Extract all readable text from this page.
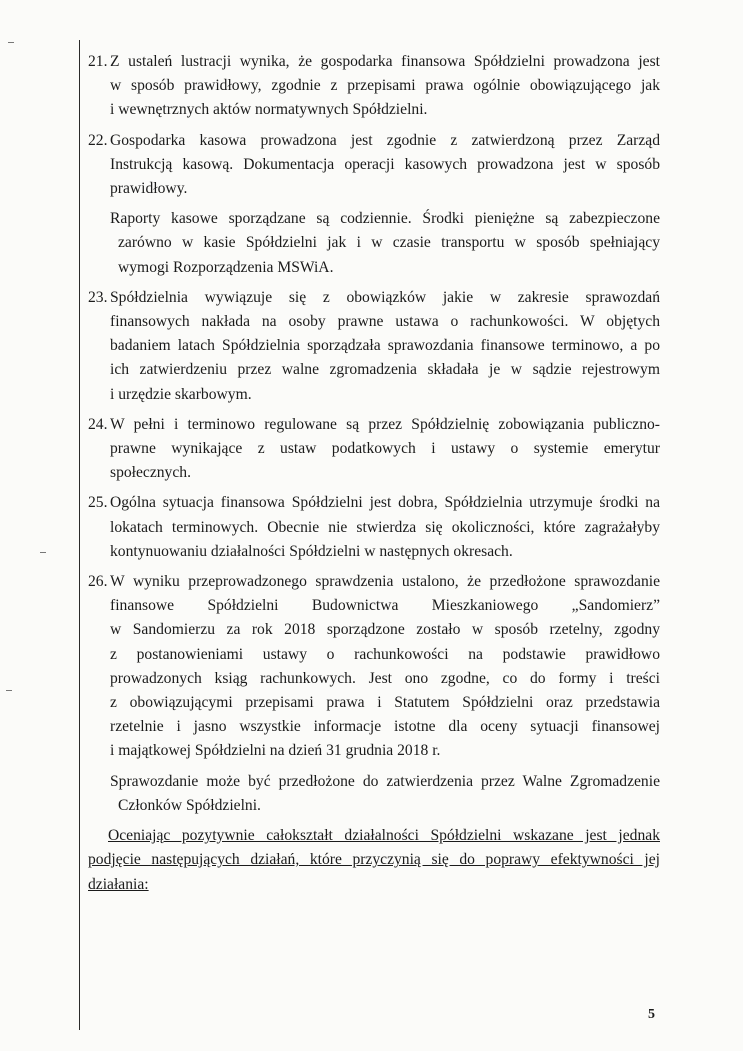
21. Z ustaleń lustracji wynika, że gospodarka finansowa Spółdzielni prowadzona jest
w sposób prawidłowy, zgodnie z przepisami prawa ogólnie obowiązującego jak
i wewnętrznych aktów normatywnych Spółdzielni.
22. Gospodarka kasowa prowadzona jest zgodnie z zatwierdzoną przez Zarząd
Instrukcją kasową. Dokumentacja operacji kasowych prowadzona jest w sposób
prawidłowy.
Raporty kasowe sporządzane są codziennie. Środki pieniężne są zabezpieczone
zarówno w kasie Spółdzielni jak i w czasie transportu w sposób spełniający
wymogi Rozporządzenia MSWiA.
23. Spółdzielnia wywiązuje się z obowiązków jakie w zakresie sprawozdań
finansowych nakłada na osoby prawne ustawa o rachunkowości. W objętych
badaniem latach Spółdzielnia sporządzała sprawozdania finansowe terminowo, a po
ich zatwierdzeniu przez walne zgromadzenia składała je w sądzie rejestrowym
i urzędzie skarbowym.
24. W pełni i terminowo regulowane są przez Spółdzielnię zobowiązania publiczno-
prawne wynikające z ustaw podatkowych i ustawy o systemie emerytur
społecznych.
25. Ogólna sytuacja finansowa Spółdzielni jest dobra, Spółdzielnia utrzymuje środki na
lokatach terminowych. Obecnie nie stwierdza się okoliczności, które zagrażałyby
kontynuowaniu działalności Spółdzielni w następnych okresach.
26. W wyniku przeprowadzonego sprawdzenia ustalono, że przedłożone sprawozdanie
finansowe Spółdzielni Budownictwa Mieszkaniowego „Sandomierz”
w Sandomierzu za rok 2018 sporządzone zostało w sposób rzetelny, zgodny
z postanowieniami ustawy o rachunkowości na podstawie prawidłowo
prowadzonych ksiąg rachunkowych. Jest ono zgodne, co do formy i treści
z obowiązującymi przepisami prawa i Statutem Spółdzielni oraz przedstawia
rzetelnie i jasno wszystkie informacje istotne dla oceny sytuacji finansowej
i majątkowej Spółdzielni na dzień 31 grudnia 2018 r.
Sprawozdanie może być przedłożone do zatwierdzenia przez Walne Zgromadzenie
Członków Spółdzielni.
Oceniając pozytywnie całokształt działalności Spółdzielni wskazane jest jednak
podjęcie następujących działań, które przyczynią się do poprawy efektywności jej
działania:
5
